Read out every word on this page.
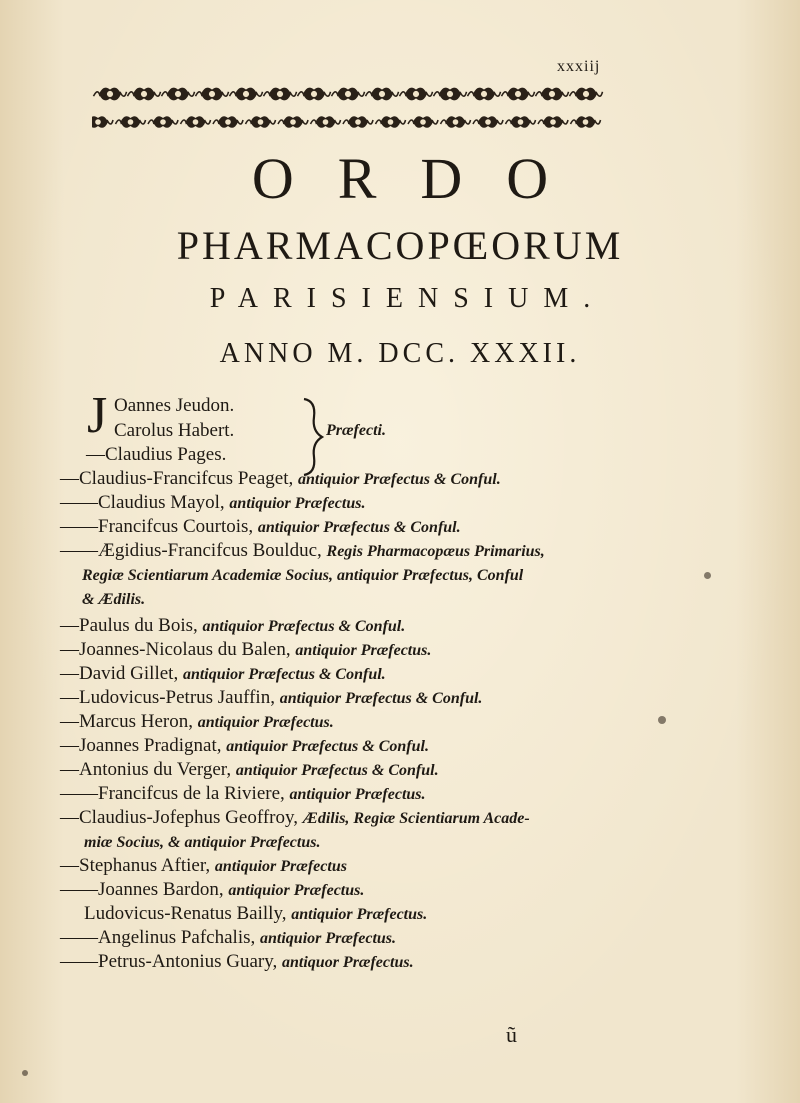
xxxiij
ORDO
PHARMACOPŒORUM
PARISIENSIUM.
ANNO M. DCC. XXXII.
J	Præfecti.
Oannes Jeudon.
Carolus Habert.
—Claudius Pages.
—Claudius-Francifcus Peaget, antiquior Præfectus & Conful.
——Claudius Mayol, antiquior Præfectus.
——Francifcus Courtois, antiquior Præfectus & Conful.
——Ægidius-Francifcus Boulduc, Regis Pharmacopæus Primarius,
Regiæ Scientiarum Academiæ Socius, antiquior Præfectus, Conful
& Ædilis.
—Paulus du Bois, antiquior Præfectus & Conful.
—Joannes-Nicolaus du Balen, antiquior Præfectus.
—David Gillet, antiquior Præfectus & Conful.
—Ludovicus-Petrus Jauffin, antiquior Præfectus & Conful.
—Marcus Heron, antiquior Præfectus.
—Joannes Pradignat, antiquior Præfectus & Conful.
—Antonius du Verger, antiquior Præfectus & Conful.
——Francifcus de la Riviere, antiquior Præfectus.
—Claudius-Jofephus Geoffroy, Ædilis, Regiæ Scientiarum Acade-
miæ Socius, & antiquior Præfectus.
—Stephanus Aftier, antiquior Præfectus
——Joannes Bardon, antiquior Præfectus.
Ludovicus-Renatus Bailly, antiquior Præfectus.
——Angelinus Pafchalis, antiquior Præfectus.
——Petrus-Antonius Guary, antiquor Præfectus.
ũ
